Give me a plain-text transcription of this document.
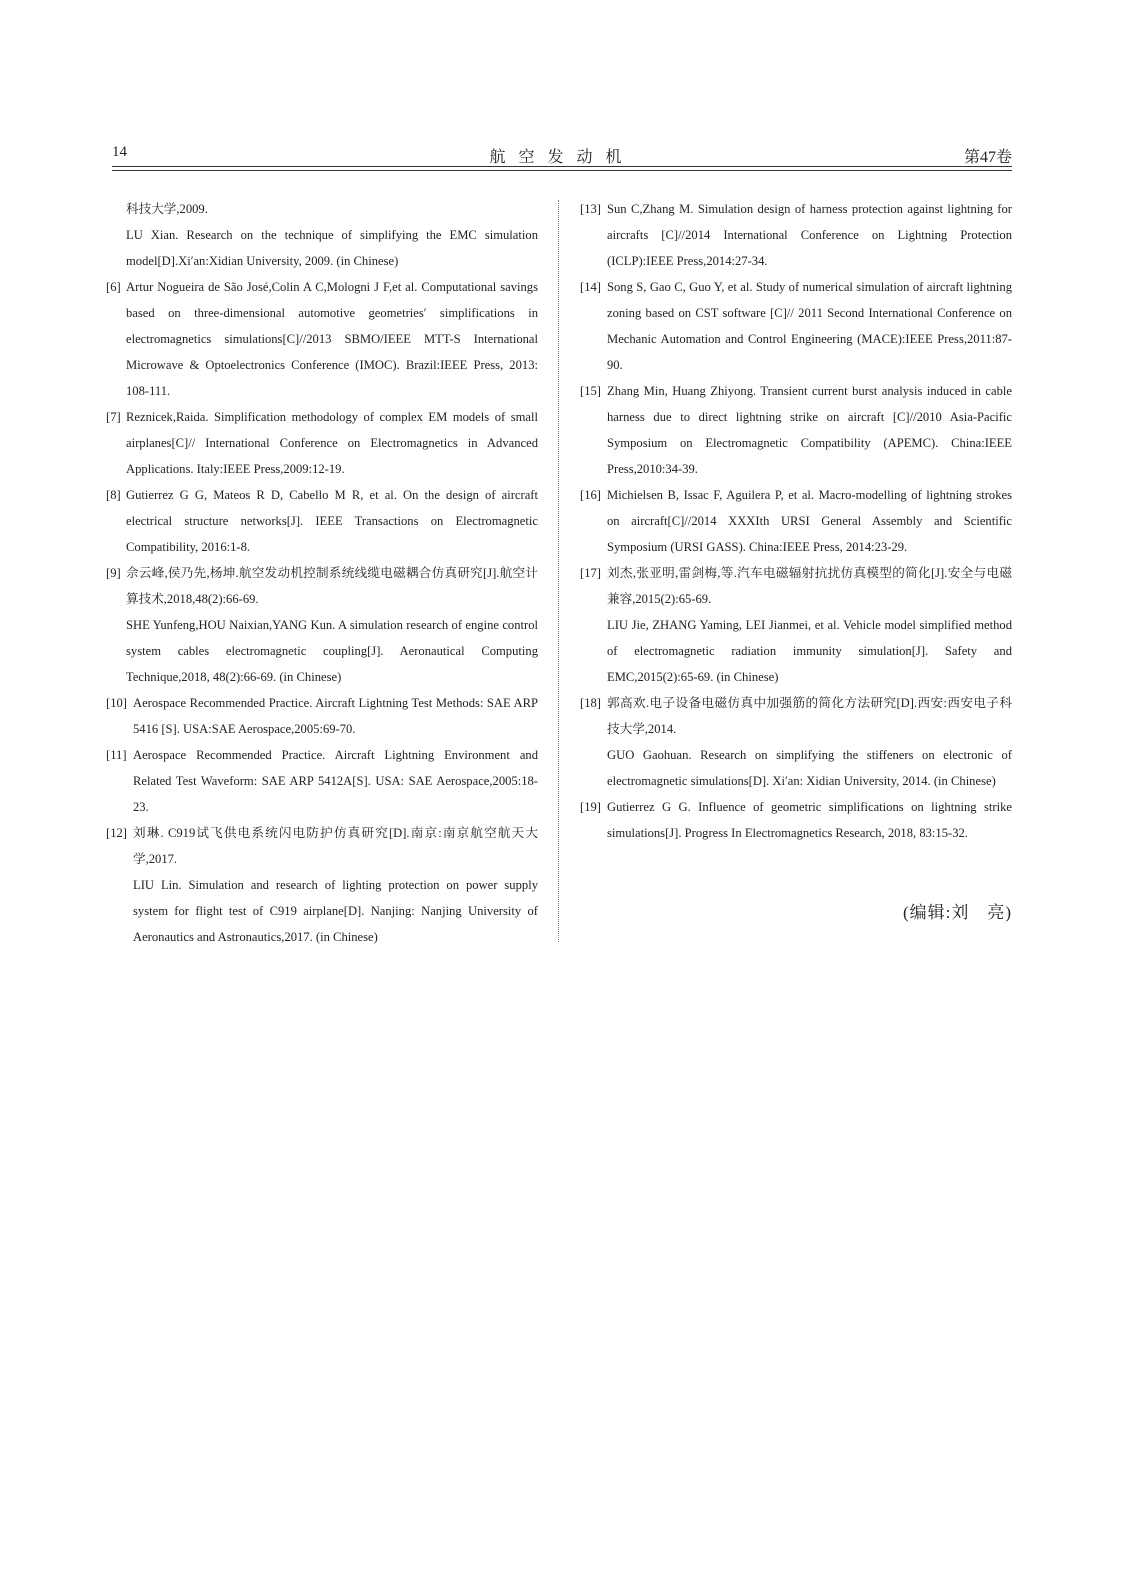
14	航空发动机	第47卷

科技大学,2009.

LU Xian. Research on the technique of simplifying the EMC simulation model[D].Xi′an:Xidian University, 2009. (in Chinese)

[6] Artur Nogueira de São José,Colin A C,Mologni J F,et al. Computational savings based on three-dimensional automotive geometries′ simplifications in electromagnetics simulations[C]//2013 SBMO/IEEE MTT-S International Microwave & Optoelectronics Conference (IMOC). Brazil:IEEE Press, 2013: 108-111.

[7] Reznicek,Raida. Simplification methodology of complex EM models of small airplanes[C]// International Conference on Electromagnetics in Advanced Applications. Italy:IEEE Press,2009:12-19.

[8] Gutierrez G G, Mateos R D, Cabello M R, et al. On the design of aircraft electrical structure networks[J]. IEEE Transactions on Electromagnetic Compatibility, 2016:1-8.

[9] 佘云峰,侯乃先,杨坤.航空发动机控制系统线缆电磁耦合仿真研究[J].航空计算技术,2018,48(2):66-69.

SHE Yunfeng,HOU Naixian,YANG Kun. A simulation research of engine control system cables electromagnetic coupling[J]. Aeronautical Computing Technique,2018, 48(2):66-69. (in Chinese)

[10] Aerospace Recommended Practice. Aircraft Lightning Test Methods: SAE ARP 5416 [S]. USA:SAE Aerospace,2005:69-70.

[11] Aerospace Recommended Practice. Aircraft Lightning Environment and Related Test Waveform: SAE ARP 5412A[S]. USA: SAE Aerospace,2005:18-23.

[12] 刘琳. C919试飞供电系统闪电防护仿真研究[D].南京:南京航空航天大学,2017.

LIU Lin. Simulation and research of lighting protection on power supply system for flight test of C919 airplane[D]. Nanjing: Nanjing University of Aeronautics and Astronautics,2017. (in Chinese)

[13] Sun C,Zhang M. Simulation design of harness protection against lightning for aircrafts [C]//2014 International Conference on Lightning Protection (ICLP):IEEE Press,2014:27-34.

[14] Song S, Gao C, Guo Y, et al. Study of numerical simulation of aircraft lightning zoning based on CST software [C]// 2011 Second International Conference on Mechanic Automation and Control Engineering (MACE):IEEE Press,2011:87-90.

[15] Zhang Min, Huang Zhiyong. Transient current burst analysis induced in cable harness due to direct lightning strike on aircraft [C]//2010 Asia-Pacific Symposium on Electromagnetic Compatibility (APEMC). China:IEEE Press,2010:34-39.

[16] Michielsen B, Issac F, Aguilera P, et al. Macro-modelling of lightning strokes on aircraft[C]//2014 XXXIth URSI General Assembly and Scientific Symposium (URSI GASS). China:IEEE Press, 2014:23-29.

[17] 刘杰,张亚明,雷剑梅,等.汽车电磁辐射抗扰仿真模型的简化[J].安全与电磁兼容,2015(2):65-69.

LIU Jie, ZHANG Yaming, LEI Jianmei, et al. Vehicle model simplified method of electromagnetic radiation immunity simulation[J]. Safety and EMC,2015(2):65-69. (in Chinese)

[18] 郭高欢.电子设备电磁仿真中加强筋的简化方法研究[D].西安:西安电子科技大学,2014.

GUO Gaohuan. Research on simplifying the stiffeners on electronic of electromagnetic simulations[D]. Xi′an: Xidian University, 2014. (in Chinese)

[19] Gutierrez G G. Influence of geometric simplifications on lightning strike simulations[J]. Progress In Electromagnetics Research, 2018, 83:15-32.

(编辑:刘　亮)
